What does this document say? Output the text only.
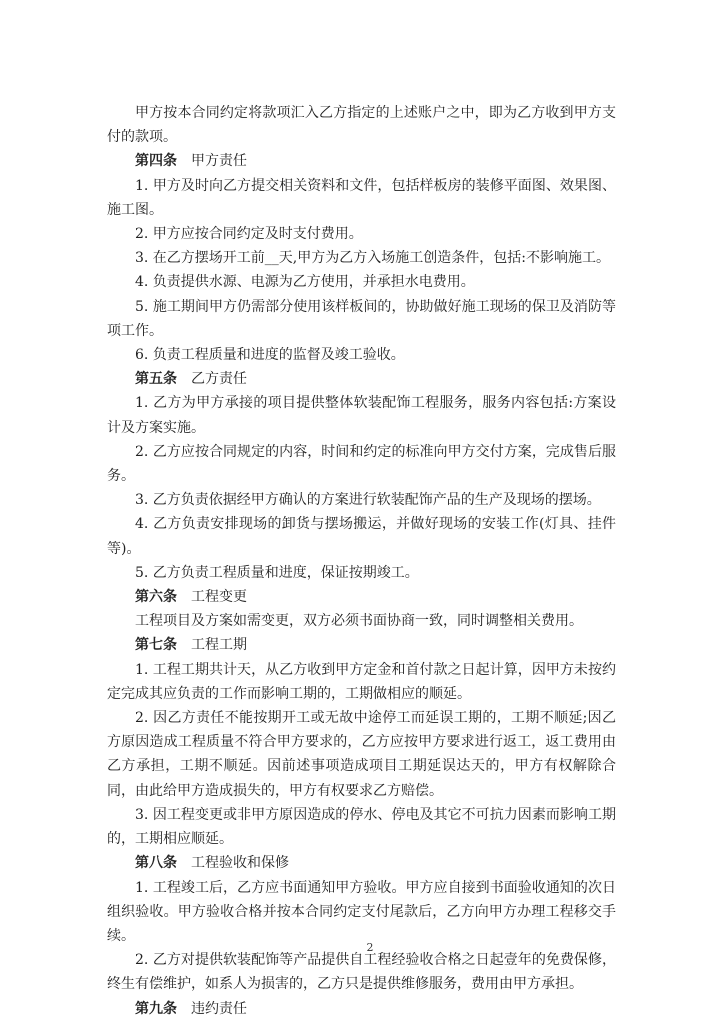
甲方按本合同约定将款项汇入乙方指定的上述账户之中，即为乙方收到甲方支付的款项。
第四条 甲方责任
1. 甲方及时向乙方提交相关资料和文件，包括样板房的装修平面图、效果图、施工图。
2. 甲方应按合同约定及时支付费用。
3. 在乙方摆场开工前__天,甲方为乙方入场施工创造条件，包括:不影响施工。
4. 负责提供水源、电源为乙方使用，并承担水电费用。
5. 施工期间甲方仍需部分使用该样板间的，协助做好施工现场的保卫及消防等项工作。
6. 负责工程质量和进度的监督及竣工验收。
第五条 乙方责任
1. 乙方为甲方承接的项目提供整体软装配饰工程服务，服务内容包括:方案设计及方案实施。
2. 乙方应按合同规定的内容，时间和约定的标准向甲方交付方案，完成售后服务。
3. 乙方负责依据经甲方确认的方案进行软装配饰产品的生产及现场的摆场。
4. 乙方负责安排现场的卸货与摆场搬运，并做好现场的安装工作(灯具、挂件等)。
5. 乙方负责工程质量和进度，保证按期竣工。
第六条 工程变更
工程项目及方案如需变更，双方必须书面协商一致，同时调整相关费用。
第七条 工程工期
1. 工程工期共计天，从乙方收到甲方定金和首付款之日起计算，因甲方未按约定完成其应负责的工作而影响工期的，工期做相应的顺延。
2. 因乙方责任不能按期开工或无故中途停工而延误工期的，工期不顺延;因乙方原因造成工程质量不符合甲方要求的，乙方应按甲方要求进行返工，返工费用由乙方承担，工期不顺延。因前述事项造成项目工期延误达天的，甲方有权解除合同，由此给甲方造成损失的，甲方有权要求乙方赔偿。
3. 因工程变更或非甲方原因造成的停水、停电及其它不可抗力因素而影响工期的，工期相应顺延。
第八条 工程验收和保修
1. 工程竣工后，乙方应书面通知甲方验收。甲方应自接到书面验收通知的次日组织验收。甲方验收合格并按本合同约定支付尾款后，乙方向甲方办理工程移交手续。
2. 乙方对提供软装配饰等产品提供自工程经验收合格之日起壹年的免费保修，终生有偿维护，如系人为损害的，乙方只是提供维修服务，费用由甲方承担。
第九条 违约责任
2
